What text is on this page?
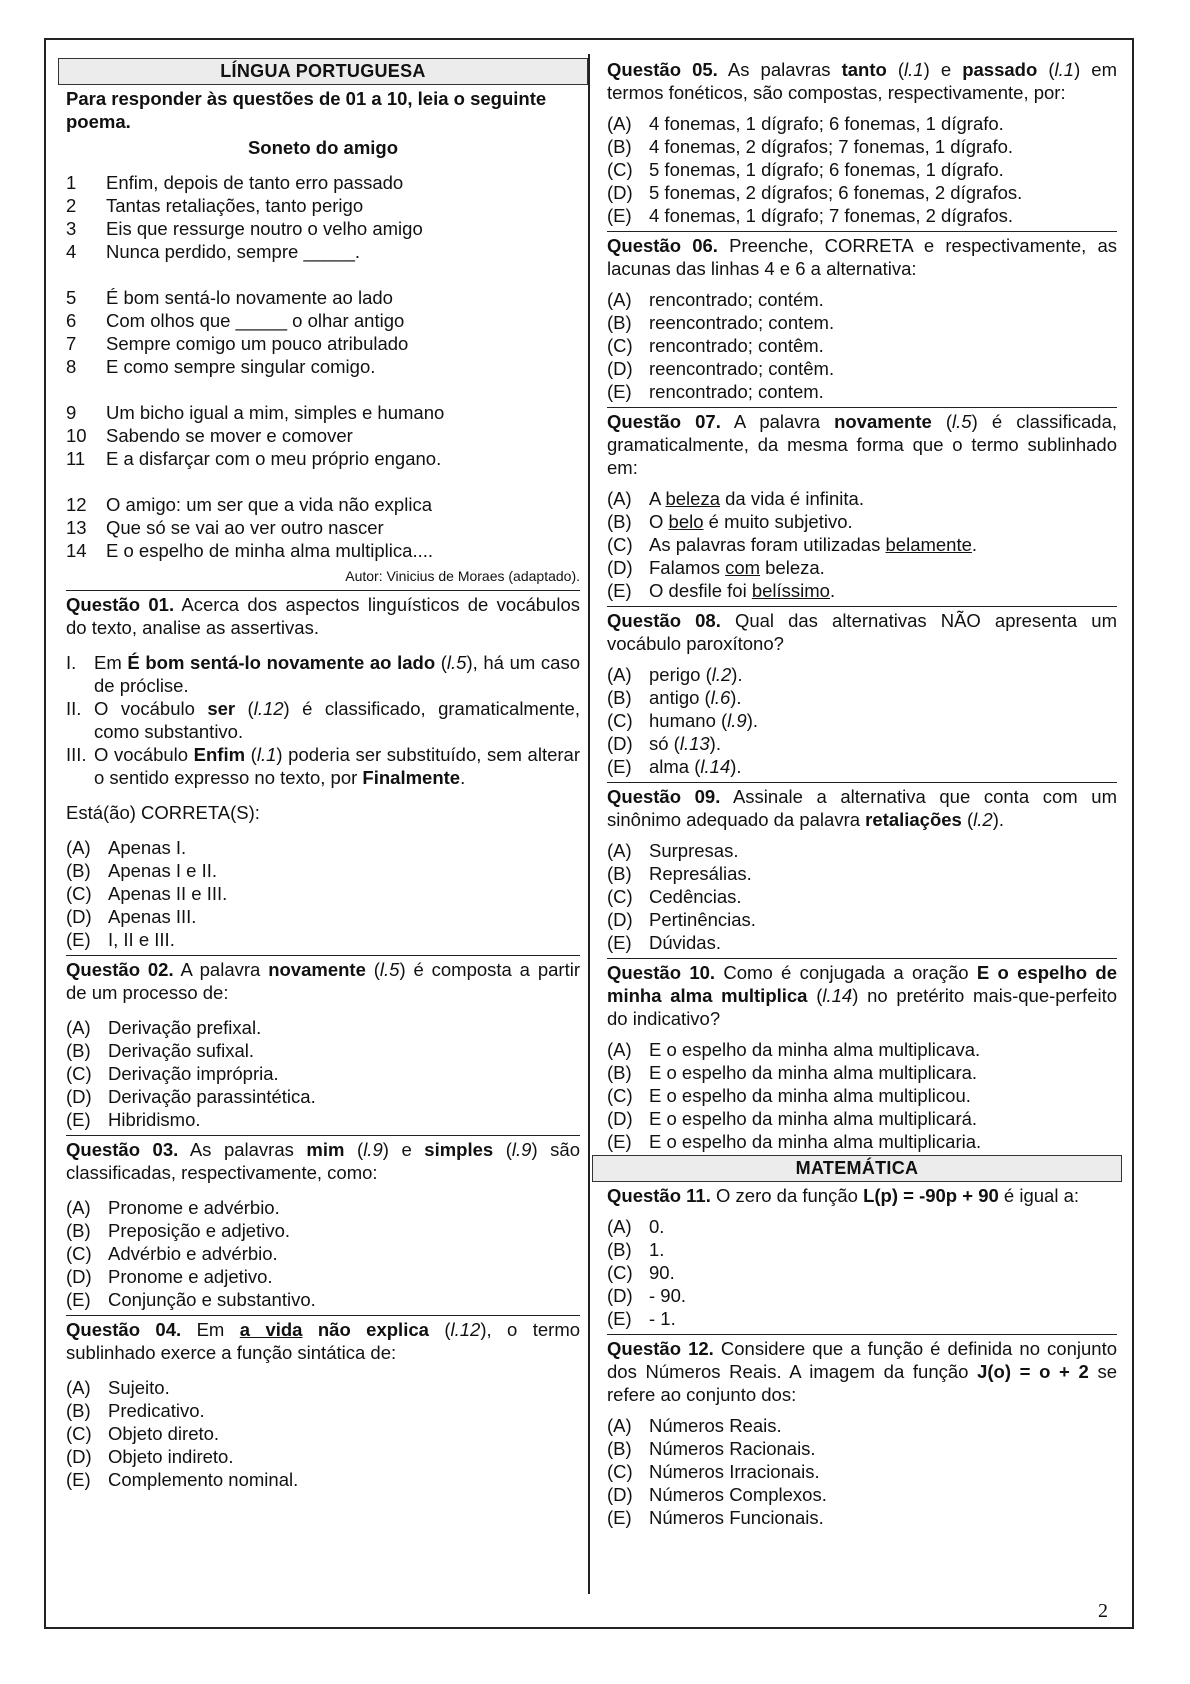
LÍNGUA PORTUGUESA
Para responder às questões de 01 a 10, leia o seguinte poema.
Soneto do amigo
1	Enfim, depois de tanto erro passado
2	Tantas retaliações, tanto perigo
3	Eis que ressurge noutro o velho amigo
4	Nunca perdido, sempre _____.
5	É bom sentá-lo novamente ao lado
6	Com olhos que _____ o olhar antigo
7	Sempre comigo um pouco atribulado
8	E como sempre singular comigo.
9	Um bicho igual a mim, simples e humano
10	Sabendo se mover e comover
11	E a disfarçar com o meu próprio engano.
12	O amigo: um ser que a vida não explica
13	Que só se vai ao ver outro nascer
14	E o espelho de minha alma multiplica....
Autor: Vinicius de Moraes (adaptado).
Questão 01. Acerca dos aspectos linguísticos de vocábulos do texto, analise as assertivas.
I. Em É bom sentá-lo novamente ao lado (l.5), há um caso de próclise.
II. O vocábulo ser (l.12) é classificado, gramaticalmente, como substantivo.
III. O vocábulo Enfim (l.1) poderia ser substituído, sem alterar o sentido expresso no texto, por Finalmente.
Está(ão) CORRETA(S):
(A) Apenas I.
(B) Apenas I e II.
(C) Apenas II e III.
(D) Apenas III.
(E) I, II e III.
Questão 02. A palavra novamente (l.5) é composta a partir de um processo de:
(A) Derivação prefixal.
(B) Derivação sufixal.
(C) Derivação imprópria.
(D) Derivação parassintética.
(E) Hibridismo.
Questão 03. As palavras mim (l.9) e simples (l.9) são classificadas, respectivamente, como:
(A) Pronome e advérbio.
(B) Preposição e adjetivo.
(C) Advérbio e advérbio.
(D) Pronome e adjetivo.
(E) Conjunção e substantivo.
Questão 04. Em a vida não explica (l.12), o termo sublinhado exerce a função sintática de:
(A) Sujeito.
(B) Predicativo.
(C) Objeto direto.
(D) Objeto indireto.
(E) Complemento nominal.
Questão 05. As palavras tanto (l.1) e passado (l.1) em termos fonéticos, são compostas, respectivamente, por:
(A) 4 fonemas, 1 dígrafo; 6 fonemas, 1 dígrafo.
(B) 4 fonemas, 2 dígrafos; 7 fonemas, 1 dígrafo.
(C) 5 fonemas, 1 dígrafo; 6 fonemas, 1 dígrafo.
(D) 5 fonemas, 2 dígrafos; 6 fonemas, 2 dígrafos.
(E) 4 fonemas, 1 dígrafo; 7 fonemas, 2 dígrafos.
Questão 06. Preenche, CORRETA e respectivamente, as lacunas das linhas 4 e 6 a alternativa:
(A) rencontrado; contém.
(B) reencontrado; contem.
(C) rencontrado; contêm.
(D) reencontrado; contêm.
(E) rencontrado; contem.
Questão 07. A palavra novamente (l.5) é classificada, gramaticalmente, da mesma forma que o termo sublinhado em:
(A) A beleza da vida é infinita.
(B) O belo é muito subjetivo.
(C) As palavras foram utilizadas belamente.
(D) Falamos com beleza.
(E) O desfile foi belíssimo.
Questão 08. Qual das alternativas NÃO apresenta um vocábulo paroxítono?
(A) perigo (l.2).
(B) antigo (l.6).
(C) humano (l.9).
(D) só (l.13).
(E) alma (l.14).
Questão 09. Assinale a alternativa que conta com um sinônimo adequado da palavra retaliações (l.2).
(A) Surpresas.
(B) Represálias.
(C) Cedências.
(D) Pertinências.
(E) Dúvidas.
Questão 10. Como é conjugada a oração E o espelho de minha alma multiplica (l.14) no pretérito mais-que-perfeito do indicativo?
(A) E o espelho da minha alma multiplicava.
(B) E o espelho da minha alma multiplicara.
(C) E o espelho da minha alma multiplicou.
(D) E o espelho da minha alma multiplicará.
(E) E o espelho da minha alma multiplicaria.
MATEMÁTICA
Questão 11. O zero da função L(p) = -90p + 90 é igual a:
(A) 0.
(B) 1.
(C) 90.
(D) - 90.
(E) - 1.
Questão 12. Considere que a função é definida no conjunto dos Números Reais. A imagem da função J(o) = o + 2 se refere ao conjunto dos:
(A) Números Reais.
(B) Números Racionais.
(C) Números Irracionais.
(D) Números Complexos.
(E) Números Funcionais.
2
